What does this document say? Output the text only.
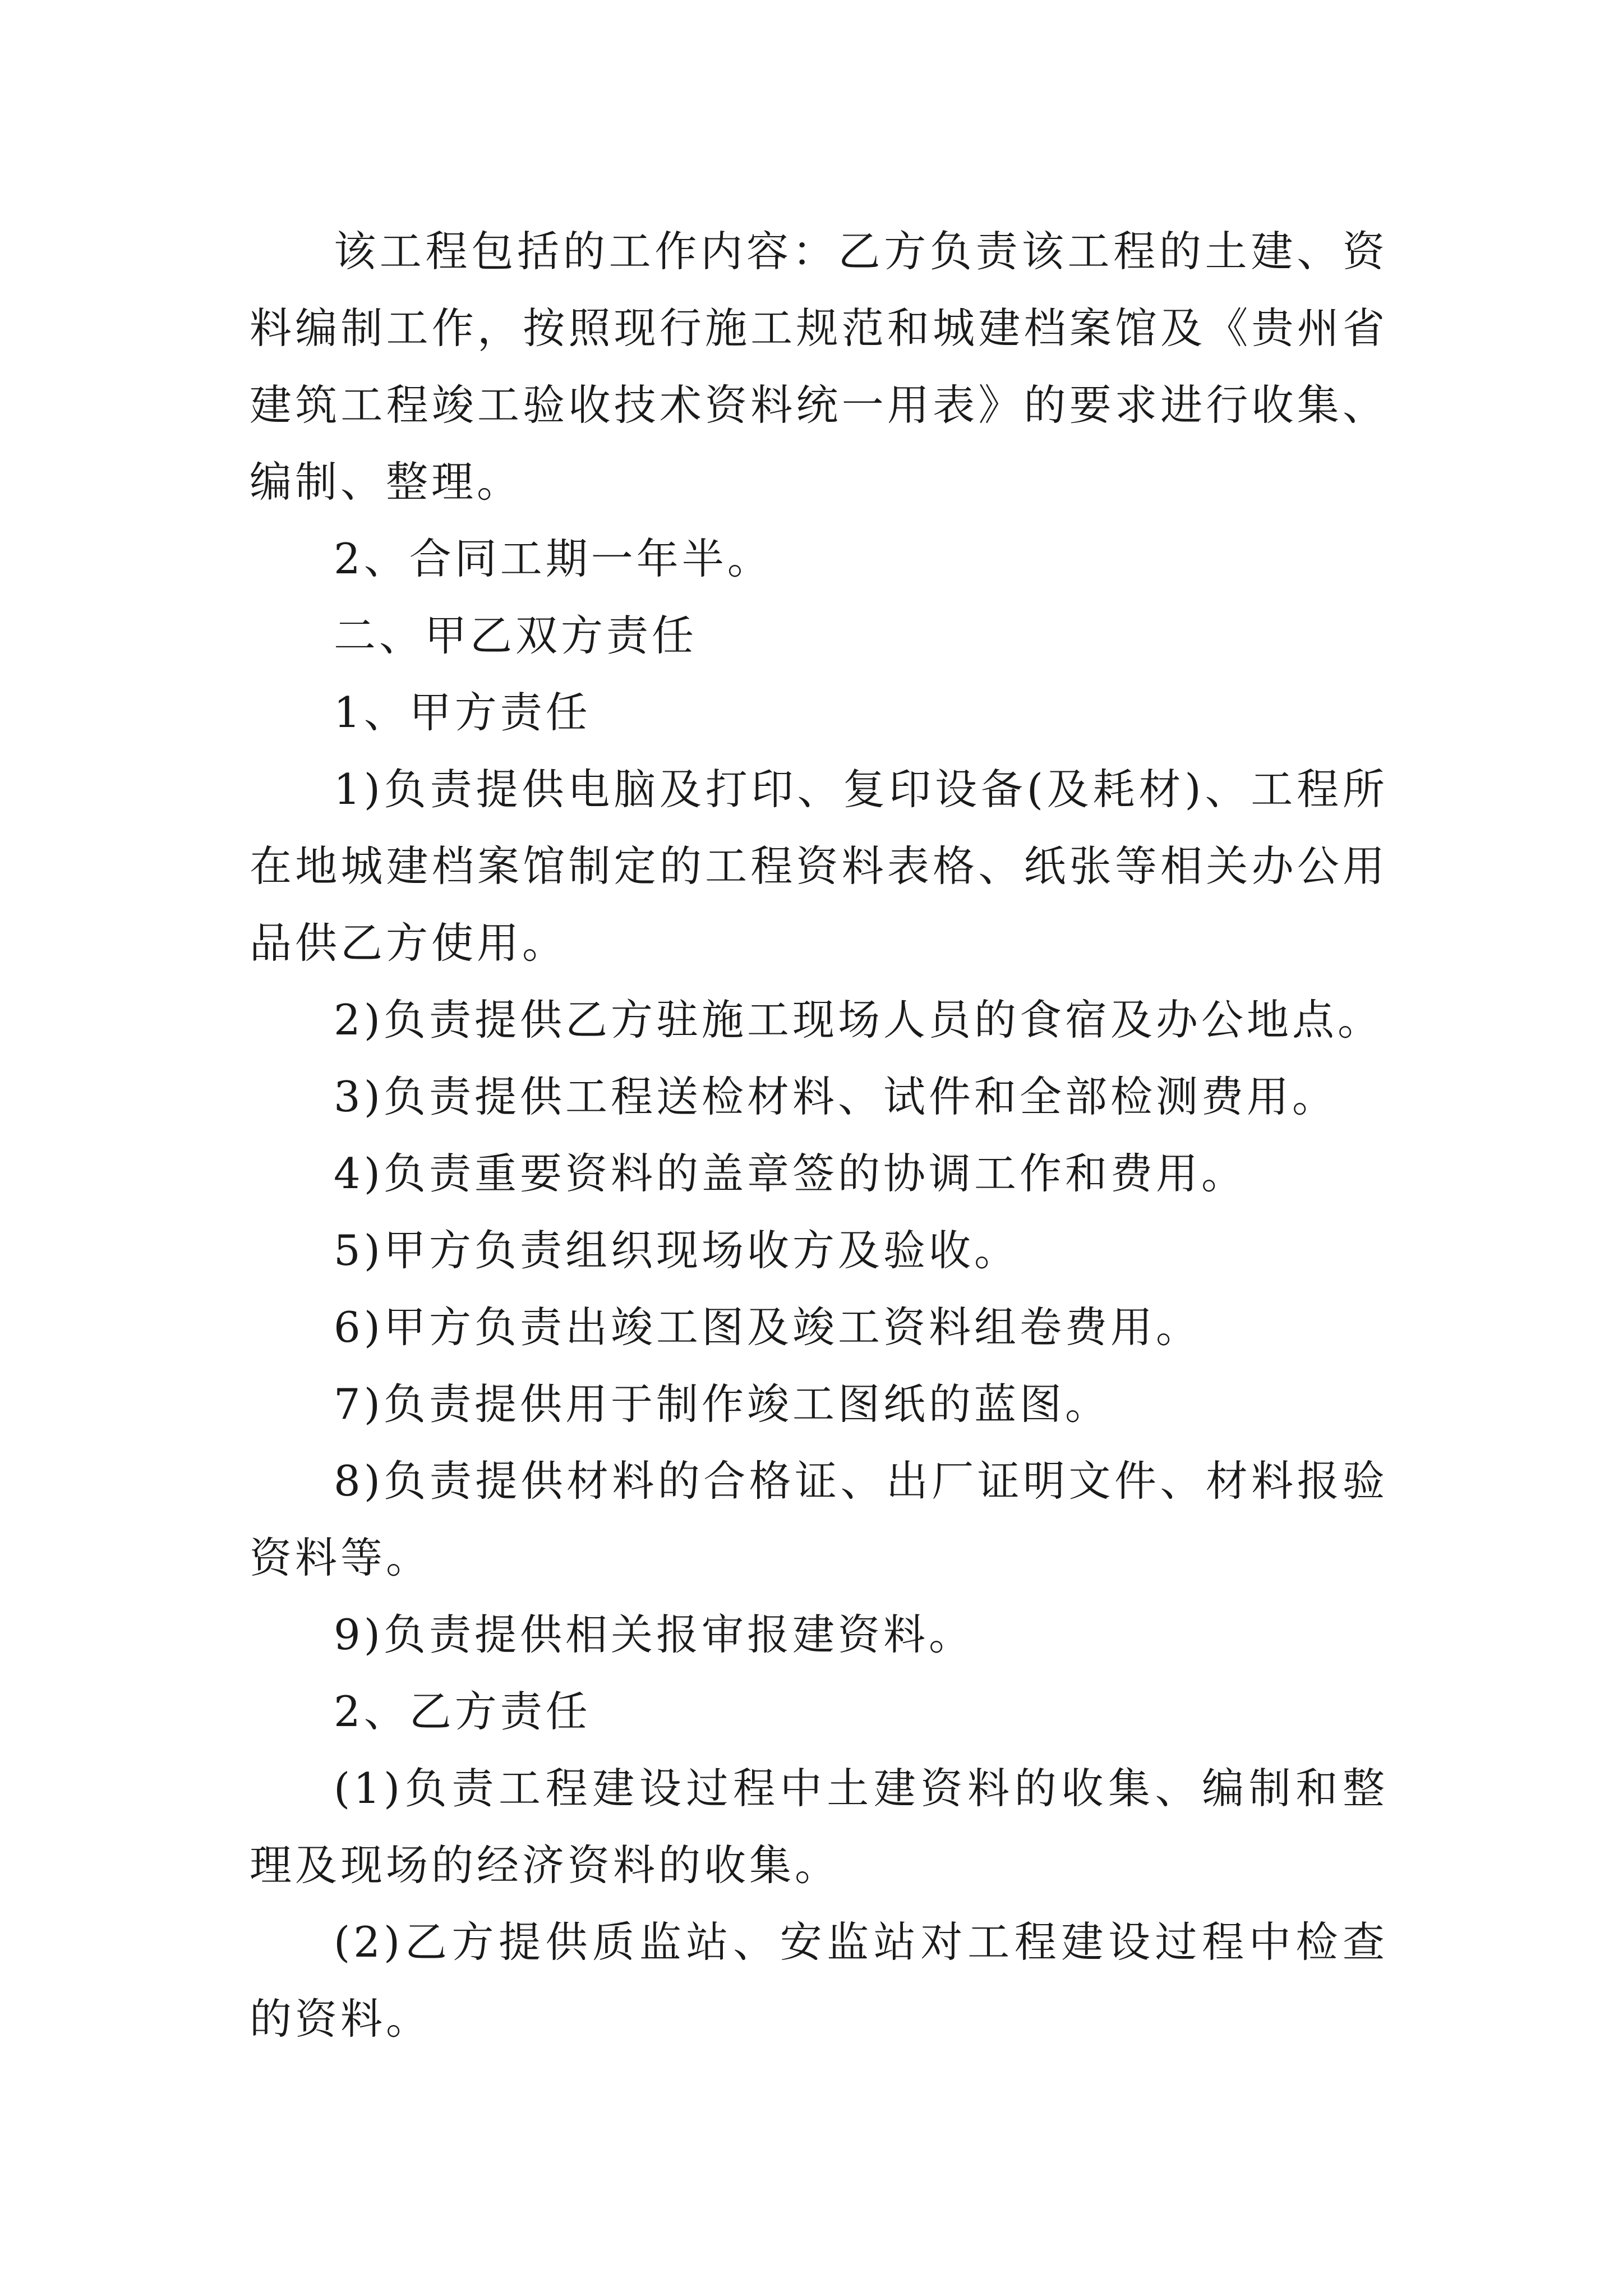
该工程包括的工作内容：乙方负责该工程的土建、资料编制工作，按照现行施工规范和城建档案馆及《贵州省建筑工程竣工验收技术资料统一用表》的要求进行收集、编制、整理。

2、合同工期一年半。

二、甲乙双方责任

1、甲方责任

1)负责提供电脑及打印、复印设备(及耗材)、工程所在地城建档案馆制定的工程资料表格、纸张等相关办公用品供乙方使用。

2)负责提供乙方驻施工现场人员的食宿及办公地点。

3)负责提供工程送检材料、试件和全部检测费用。

4)负责重要资料的盖章签的协调工作和费用。

5)甲方负责组织现场收方及验收。

6)甲方负责出竣工图及竣工资料组卷费用。

7)负责提供用于制作竣工图纸的蓝图。

8)负责提供材料的合格证、出厂证明文件、材料报验资料等。

9)负责提供相关报审报建资料。

2、乙方责任

(1)负责工程建设过程中土建资料的收集、编制和整理及现场的经济资料的收集。

(2)乙方提供质监站、安监站对工程建设过程中检查的资料。
